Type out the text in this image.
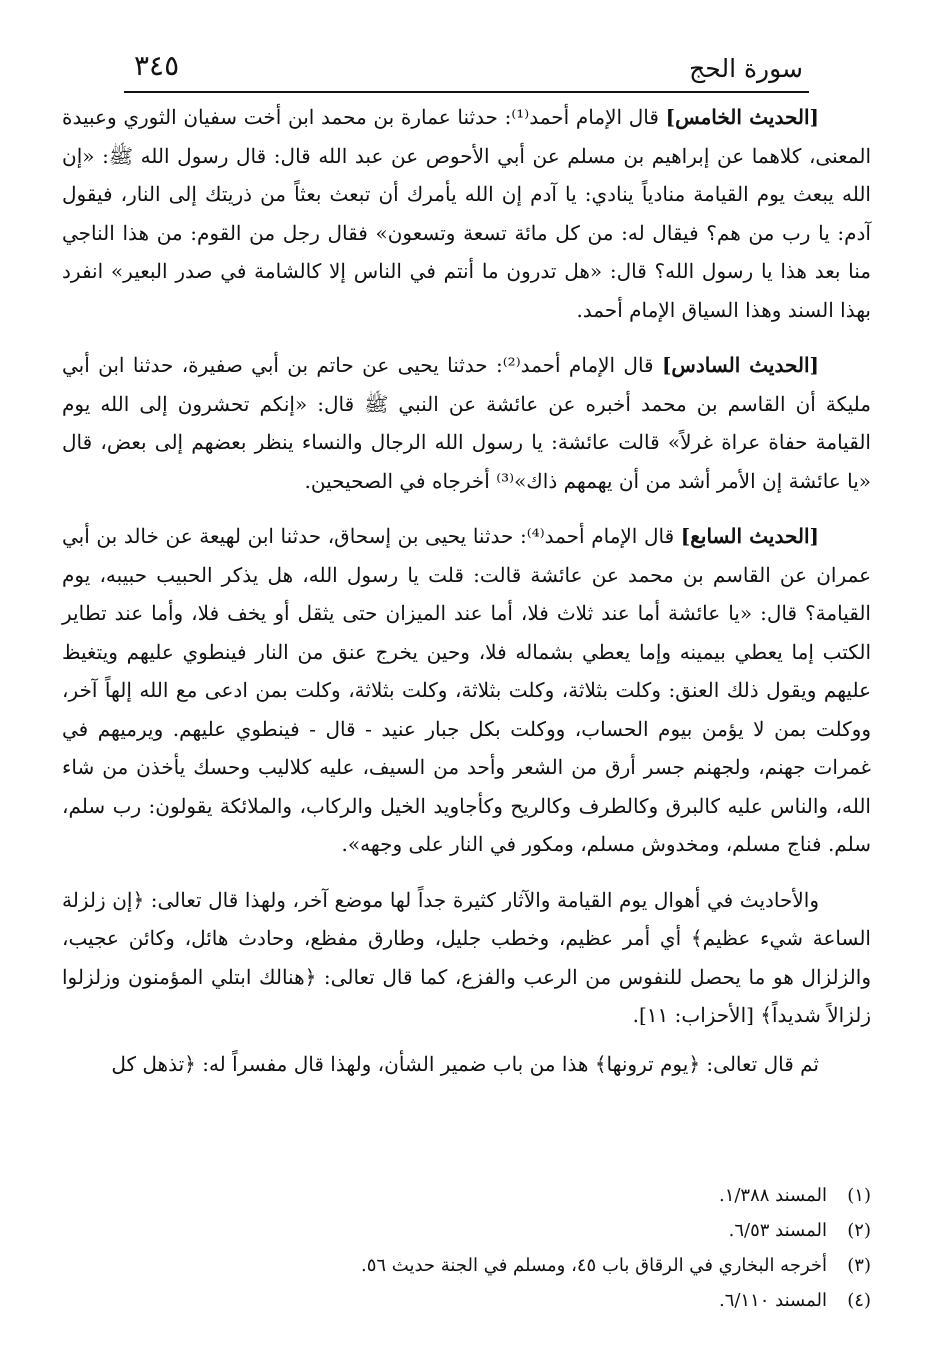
سورة الحج
٣٤٥

[الحديث الخامس] قال الإمام أحمد⁽¹⁾: حدثنا عمارة بن محمد ابن أخت سفيان الثوري وعبيدة المعنى، كلاهما عن إبراهيم بن مسلم عن أبي الأحوص عن عبد الله قال: قال رسول الله ﷺ: «إن الله يبعث يوم القيامة منادياً ينادي: يا آدم إن الله يأمرك أن تبعث بعثاً من ذريتك إلى النار، فيقول آدم: يا رب من هم؟ فيقال له: من كل مائة تسعة وتسعون» فقال رجل من القوم: من هذا الناجي منا بعد هذا يا رسول الله؟ قال: «هل تدرون ما أنتم في الناس إلا كالشامة في صدر البعير» انفرد بهذا السند وهذا السياق الإمام أحمد.

[الحديث السادس] قال الإمام أحمد⁽²⁾: حدثنا يحيى عن حاتم بن أبي صفيرة، حدثنا ابن أبي مليكة أن القاسم بن محمد أخبره عن عائشة عن النبي ﷺ قال: «إنكم تحشرون إلى الله يوم القيامة حفاة عراة غرلاً» قالت عائشة: يا رسول الله الرجال والنساء ينظر بعضهم إلى بعض، قال «يا عائشة إن الأمر أشد من أن يهمهم ذاك»⁽³⁾ أخرجاه في الصحيحين.

[الحديث السابع] قال الإمام أحمد⁽⁴⁾: حدثنا يحيى بن إسحاق، حدثنا ابن لهيعة عن خالد بن أبي عمران عن القاسم بن محمد عن عائشة قالت: قلت يا رسول الله، هل يذكر الحبيب حبيبه، يوم القيامة؟ قال: «يا عائشة أما عند ثلاث فلا، أما عند الميزان حتى يثقل أو يخف فلا، وأما عند تطاير الكتب إما يعطي بيمينه وإما يعطي بشماله فلا، وحين يخرج عنق من النار فينطوي عليهم ويتغيظ عليهم ويقول ذلك العنق: وكلت بثلاثة، وكلت بثلاثة، وكلت بثلاثة، وكلت بمن ادعى مع الله إلهاً آخر، ووكلت بمن لا يؤمن بيوم الحساب، ووكلت بكل جبار عنيد - قال - فينطوي عليهم. ويرميهم في غمرات جهنم، ولجهنم جسر أرق من الشعر وأحد من السيف، عليه كلاليب وحسك يأخذن من شاء الله، والناس عليه كالبرق وكالطرف وكالريح وكأجاويد الخيل والركاب، والملائكة يقولون: رب سلم، سلم. فناج مسلم، ومخدوش مسلم، ومكور في النار على وجهه».

والأحاديث في أهوال يوم القيامة والآثار كثيرة جداً لها موضع آخر، ولهذا قال تعالى: ﴿إن زلزلة الساعة شيء عظيم﴾ أي أمر عظيم، وخطب جليل، وطارق مفظع، وحادث هائل، وكائن عجيب، والزلزال هو ما يحصل للنفوس من الرعب والفزع، كما قال تعالى: ﴿هنالك ابتلي المؤمنون وزلزلوا زلزالاً شديداً﴾ [الأحزاب: ١١].

ثم قال تعالى: ﴿يوم ترونها﴾ هذا من باب ضمير الشأن، ولهذا قال مفسراً له: ﴿تذهل كل

(١)المسند ١/٣٨٨.
(٢)المسند ٦/٥٣.
(٣)أخرجه البخاري في الرقاق باب ٤٥، ومسلم في الجنة حديث ٥٦.
(٤)المسند ٦/١١٠.
